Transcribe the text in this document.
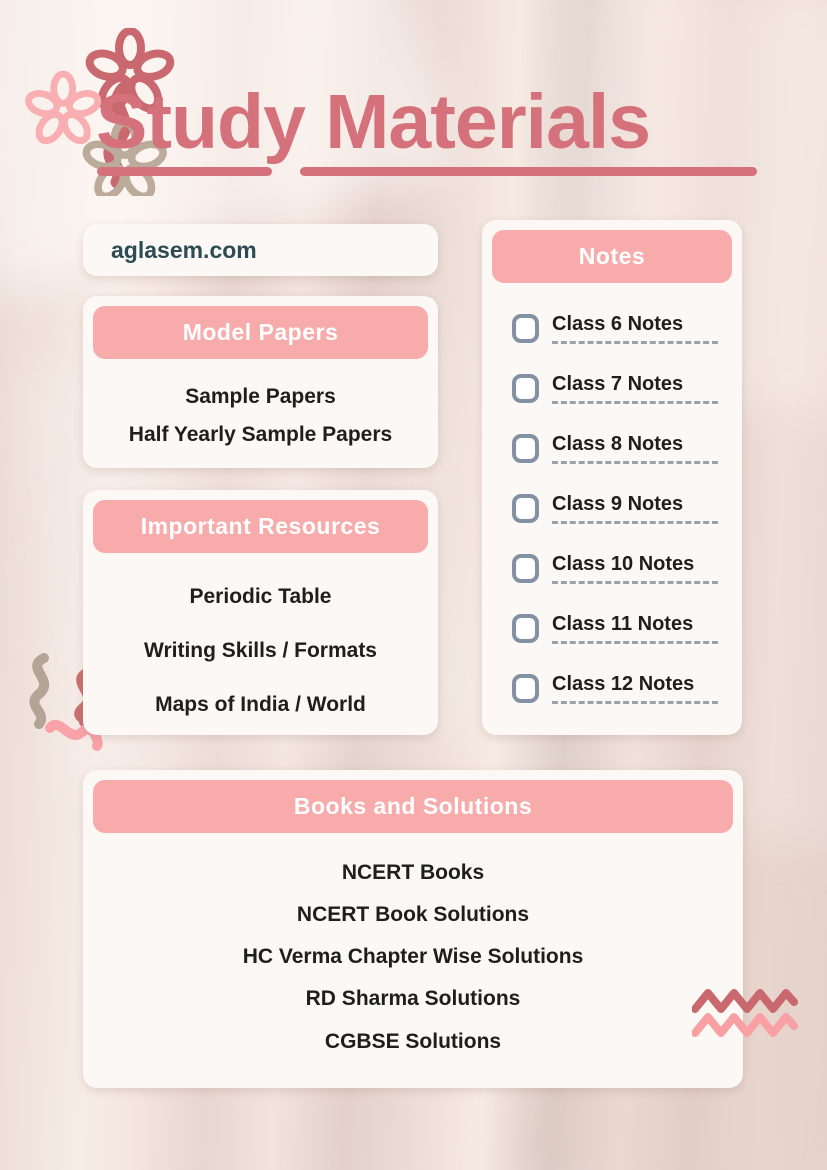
Study Materials
aglasem.com
Model Papers
Sample Papers
Half Yearly Sample Papers
Important Resources
Periodic Table
Writing Skills / Formats
Maps of India / World
Notes
Class 6 Notes
Class 7 Notes
Class 8 Notes
Class 9 Notes
Class 10 Notes
Class 11 Notes
Class 12 Notes
Books and Solutions
NCERT Books
NCERT Book Solutions
HC Verma Chapter Wise Solutions
RD Sharma Solutions
CGBSE Solutions
